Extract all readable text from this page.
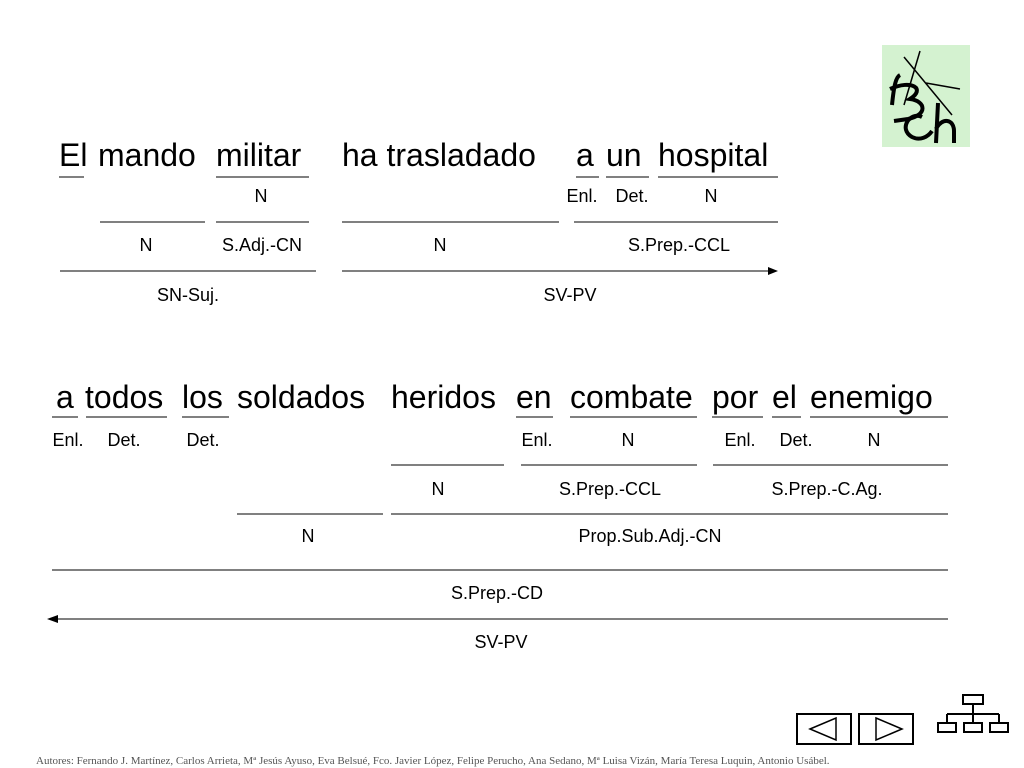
El mando militar ha trasladado a un hospital
N	Enl. Det.	N
N	S.Adj.-CN	N	S.Prep.-CCL
SN-Suj.	SV-PV
a todos los soldados heridos en combate por el enemigo
Enl. Det.	Det.	Enl.	N	Enl. Det.	N
N	S.Prep.-CCL	S.Prep.-C.Ag.
N	Prop.Sub.Adj.-CN
S.Prep.-CD
SV-PV
Autores: Fernando J. Martínez, Carlos Arrieta, Mª Jesús Ayuso, Eva Belsué, Fco. Javier López, Felipe Perucho, Ana Sedano, Mª Luisa Vizán, María Teresa Luquin, Antonio Usábel.
